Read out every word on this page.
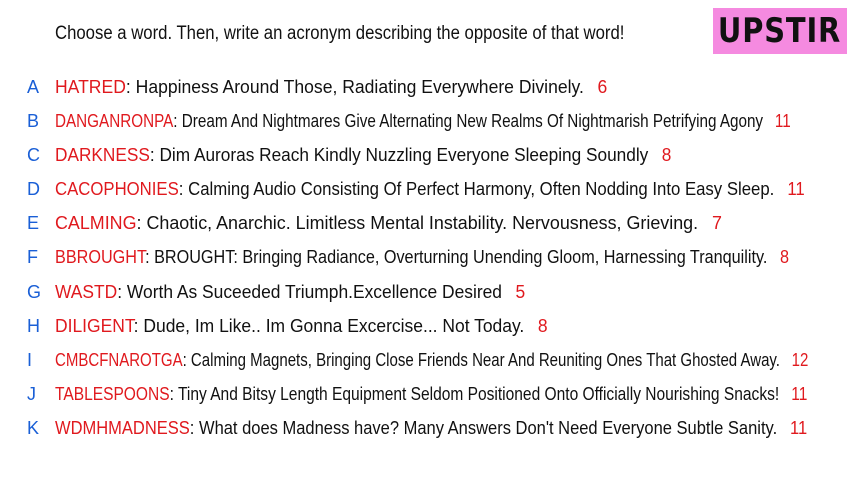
Choose a word. Then, write an acronym describing the opposite of that word!	UPSTIR
A HATRED: Happiness Around Those, Radiating Everywhere Divinely. 6
B DANGANRONPA: Dream And Nightmares Give Alternating New Realms Of Nightmarish Petrifying Agony 11
C DARKNESS: Dim Auroras Reach Kindly Nuzzling Everyone Sleeping Soundly 8
D CACOPHONIES: Calming Audio Consisting Of Perfect Harmony, Often Nodding Into Easy Sleep. 11
E CALMING: Chaotic, Anarchic. Limitless Mental Instability. Nervousness, Grieving. 7
F BBROUGHT: BROUGHT: Bringing Radiance, Overturning Unending Gloom, Harnessing Tranquility. 8
G WASTD: Worth As Suceeded Triumph.Excellence Desired 5
H DILIGENT: Dude, Im Like.. Im Gonna Excercise... Not Today. 8
I CMBCFNAROTGA: Calming Magnets, Bringing Close Friends Near And Reuniting Ones That Ghosted Away. 12
J TABLESPOONS: Tiny And Bitsy Length Equipment Seldom Positioned Onto Officially Nourishing Snacks! 11
K WDMHMADNESS: What does Madness have? Many Answers Don't Need Everyone Subtle Sanity. 11
